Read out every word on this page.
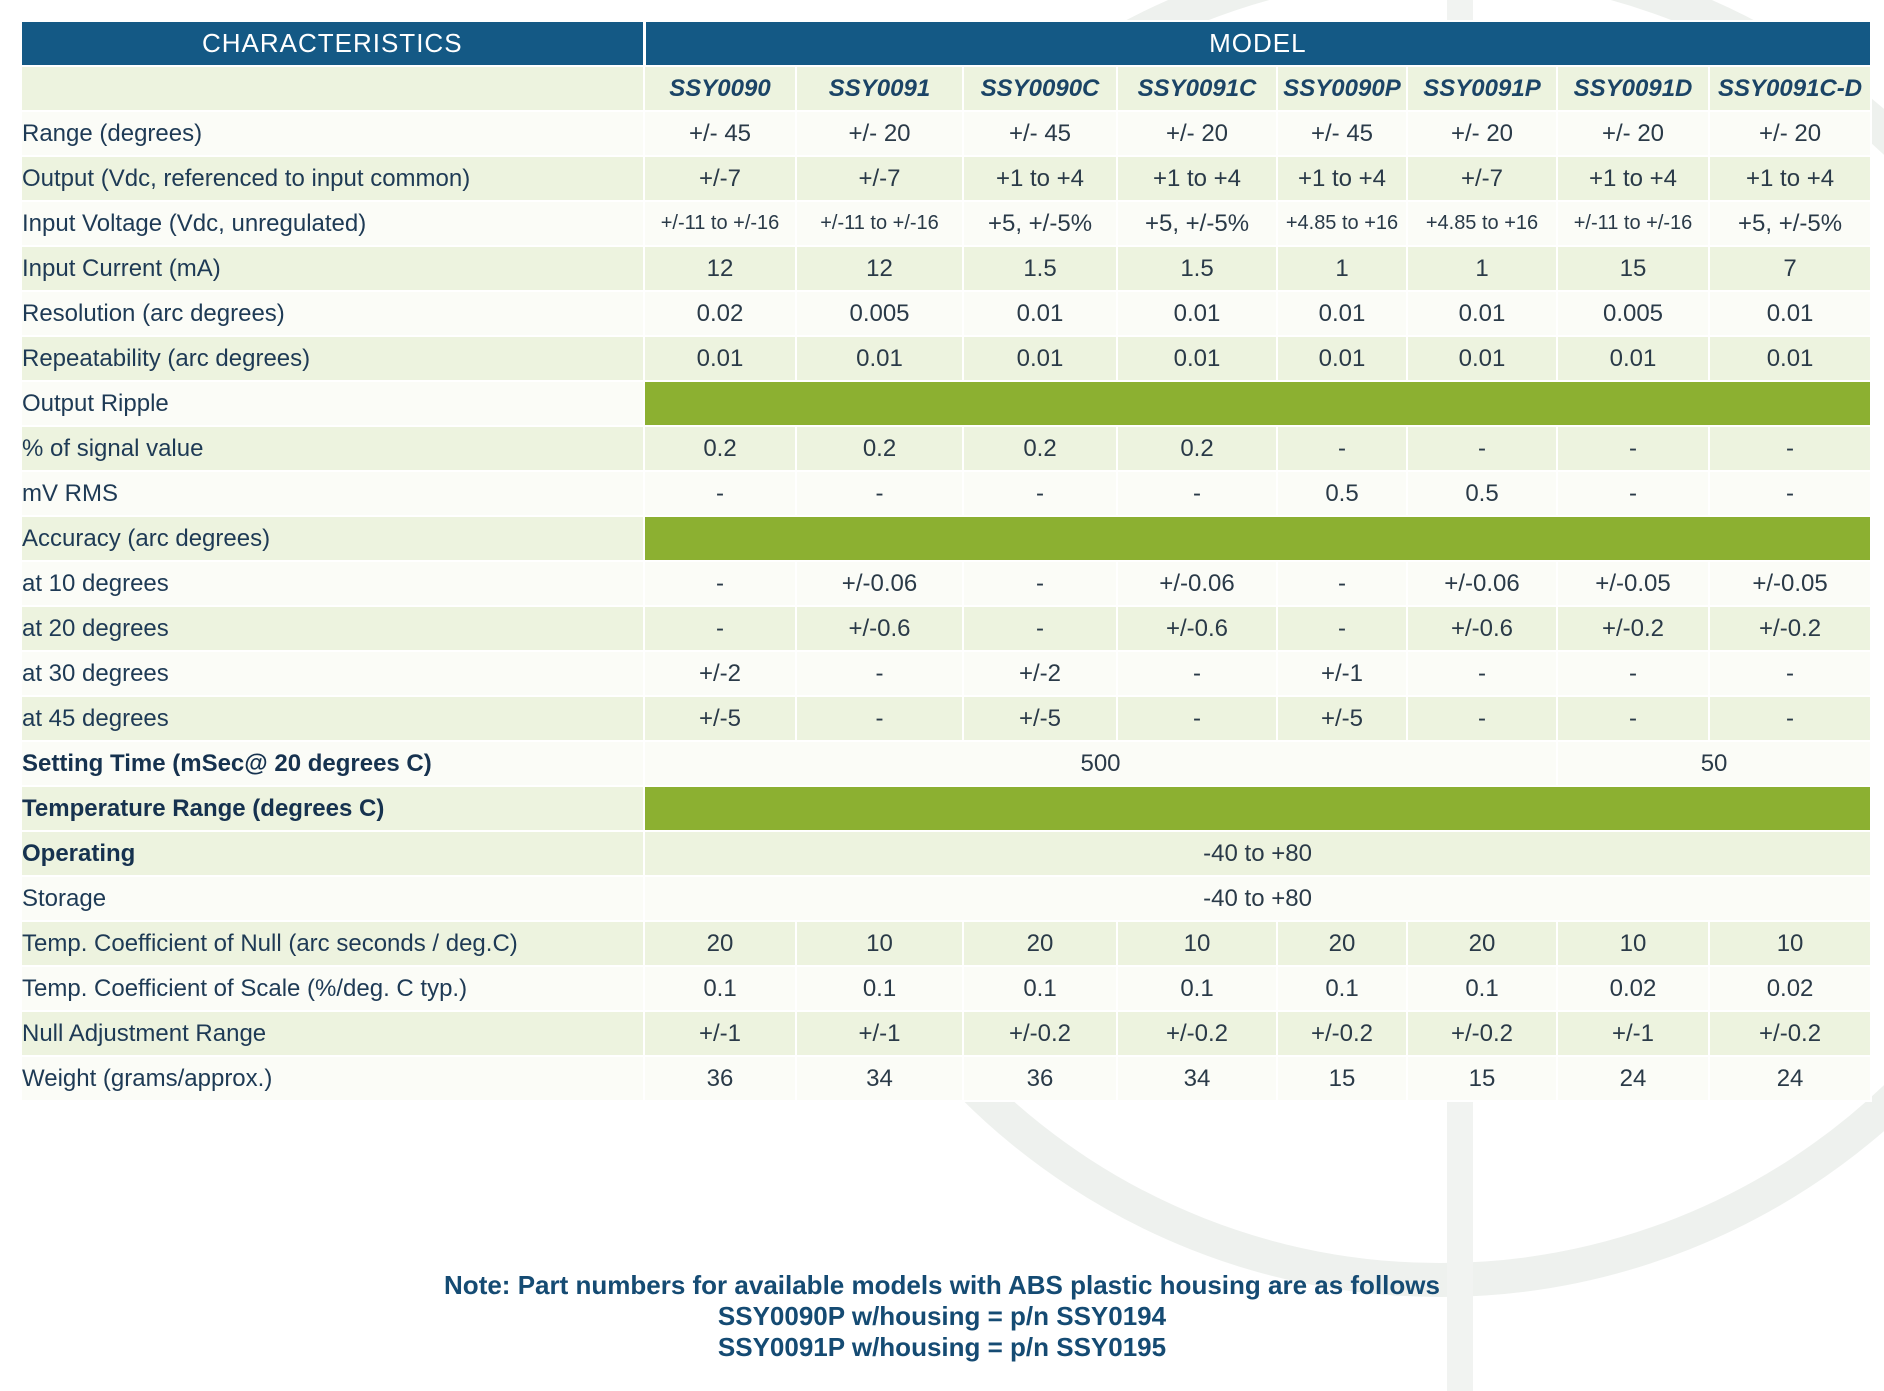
CHARACTERISTICS	MODEL							
	SSY0090	SSY0091	SSY0090C	SSY0091C	SSY0090P	SSY0091P	SSY0091D	SSY0091C-D
Range (degrees)	+/- 45	+/- 20	+/- 45	+/- 20	+/- 45	+/- 20	+/- 20	+/- 20
Output (Vdc, referenced to input common)	+/-7	+/-7	+1 to +4	+1 to +4	+1 to +4	+/-7	+1 to +4	+1 to +4
Input Voltage (Vdc, unregulated)	+/-11 to +/-16	+/-11 to +/-16	+5, +/-5%	+5, +/-5%	+4.85 to +16	+4.85 to +16	+/-11 to +/-16	+5, +/-5%
Input Current (mA)	12	12	1.5	1.5	1	1	15	7
Resolution (arc degrees)	0.02	0.005	0.01	0.01	0.01	0.01	0.005	0.01
Repeatability (arc degrees)	0.01	0.01	0.01	0.01	0.01	0.01	0.01	0.01
Output Ripple								
% of signal value	0.2	0.2	0.2	0.2	-	-	-	-
mV RMS	-	-	-	-	0.5	0.5	-	-
Accuracy (arc degrees)								
at 10 degrees	-	+/-0.06	-	+/-0.06	-	+/-0.06	+/-0.05	+/-0.05
at 20 degrees	-	+/-0.6	-	+/-0.6	-	+/-0.6	+/-0.2	+/-0.2
at 30 degrees	+/-2	-	+/-2	-	+/-1	-	-	-
at 45 degrees	+/-5	-	+/-5	-	+/-5	-	-	-
Setting Time (mSec@ 20 degrees C)	500						50	
Temperature Range (degrees C)								
Operating	-40 to +80							
Storage	-40 to +80							
Temp. Coefficient of Null (arc seconds / deg.C)	20	10	20	10	20	20	10	10
Temp. Coefficient of Scale (%/deg. C typ.)	0.1	0.1	0.1	0.1	0.1	0.1	0.02	0.02
Null Adjustment Range	+/-1	+/-1	+/-0.2	+/-0.2	+/-0.2	+/-0.2	+/-1	+/-0.2
Weight (grams/approx.)	36	34	36	34	15	15	24	24
Note: Part numbers for available models with ABS plastic housing are as follows
SSY0090P w/housing = p/n SSY0194
SSY0091P w/housing = p/n SSY0195
